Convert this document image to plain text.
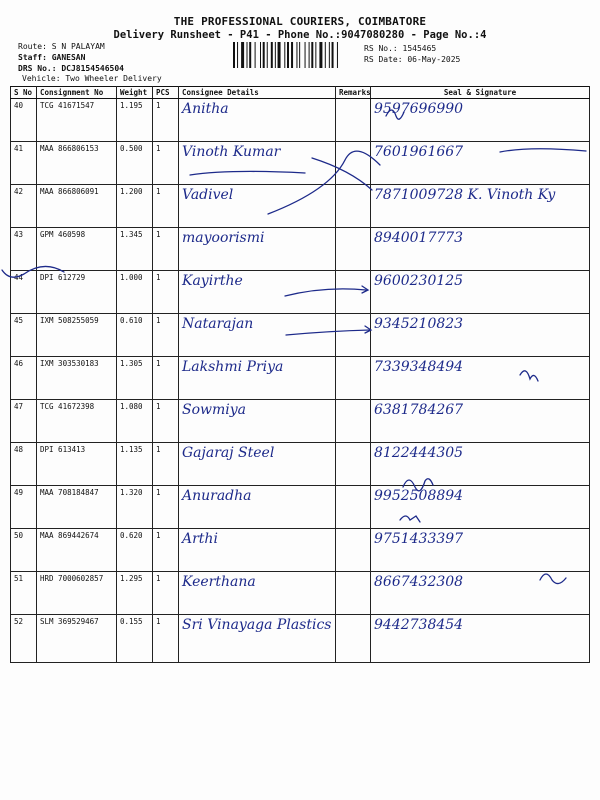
THE PROFESSIONAL COURIERS, COIMBATORE
Delivery Runsheet - P41 - Phone No.:9047080280 - Page No.:4
Route: S N PALAYAM
Staff: GANESAN
DRS No.: DCJ8154546504
RS No.: 1545465
RS Date: 06-May-2025
Vehicle: Two Wheeler Delivery
S No	Consignment No	Weight	PCS	Consignee Details	Remarks	Seal & Signature
40	TCG 41671547	1.195	1	Anitha		9597696990
41	MAA 866806153	0.500	1	Vinoth Kumar		7601961667
42	MAA 866806091	1.200	1	Vadivel		7871009728 K. Vinoth Ky
43	GPM 460598	1.345	1	mayoorismi		8940017773
44	DPI 612729	1.000	1	Kayirthe		9600230125
45	IXM 508255059	0.610	1	Natarajan		9345210823
46	IXM 303530183	1.305	1	Lakshmi Priya		7339348494
47	TCG 41672398	1.080	1	Sowmiya		6381784267
48	DPI 613413	1.135	1	Gajaraj Steel		8122444305
49	MAA 708184847	1.320	1	Anuradha		9952508894
50	MAA 869442674	0.620	1	Arthi		9751433397
51	HRD 7000602857	1.295	1	Keerthana		8667432308
52	SLM 369529467	0.155	1	Sri Vinayaga Plastics		9442738454
